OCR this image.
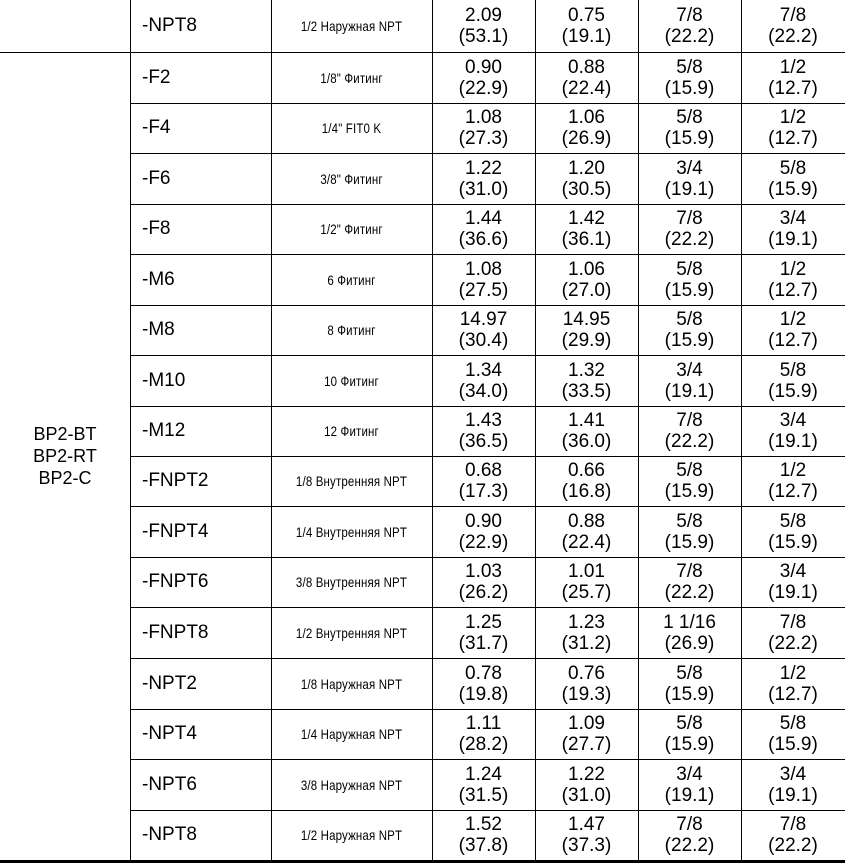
BP2-BT
BP2-RT
BP2-C
-NPT8	1/2 Наружная NPT	2.09
(53.1)
0.75
(19.1)
7/8
(22.2)
7/8
(22.2)
-F2	1/8" Фитинг	0.90
(22.9)
0.88
(22.4)
5/8
(15.9)
1/2
(12.7)
-F4	1/4" FIT0 K	1.08
(27.3)
1.06
(26.9)
5/8
(15.9)
1/2
(12.7)
-F6	3/8" Фитинг	1.22
(31.0)
1.20
(30.5)
3/4
(19.1)
5/8
(15.9)
-F8	1/2" Фитинг	1.44
(36.6)
1.42
(36.1)
7/8
(22.2)
3/4
(19.1)
-M6	6 Фитинг	1.08
(27.5)
1.06
(27.0)
5/8
(15.9)
1/2
(12.7)
-M8	8 Фитинг	14.97
(30.4)
14.95
(29.9)
5/8
(15.9)
1/2
(12.7)
-M10	10 Фитинг	1.34
(34.0)
1.32
(33.5)
3/4
(19.1)
5/8
(15.9)
-M12	12 Фитинг	1.43
(36.5)
1.41
(36.0)
7/8
(22.2)
3/4
(19.1)
-FNPT2	1/8 Внутренняя NPT	0.68
(17.3)
0.66
(16.8)
5/8
(15.9)
1/2
(12.7)
-FNPT4	1/4 Внутренняя NPT	0.90
(22.9)
0.88
(22.4)
5/8
(15.9)
5/8
(15.9)
-FNPT6	3/8 Внутренняя NPT	1.03
(26.2)
1.01
(25.7)
7/8
(22.2)
3/4
(19.1)
-FNPT8	1/2 Внутренняя NPT	1.25
(31.7)
1.23
(31.2)
1 1/16
(26.9)
7/8
(22.2)
-NPT2	1/8 Наружная NPT	0.78
(19.8)
0.76
(19.3)
5/8
(15.9)
1/2
(12.7)
-NPT4	1/4 Наружная NPT	1.11
(28.2)
1.09
(27.7)
5/8
(15.9)
5/8
(15.9)
-NPT6	3/8 Наружная NPT	1.24
(31.5)
1.22
(31.0)
3/4
(19.1)
3/4
(19.1)
-NPT8	1/2 Наружная NPT	1.52
(37.8)
1.47
(37.3)
7/8
(22.2)
7/8
(22.2)
